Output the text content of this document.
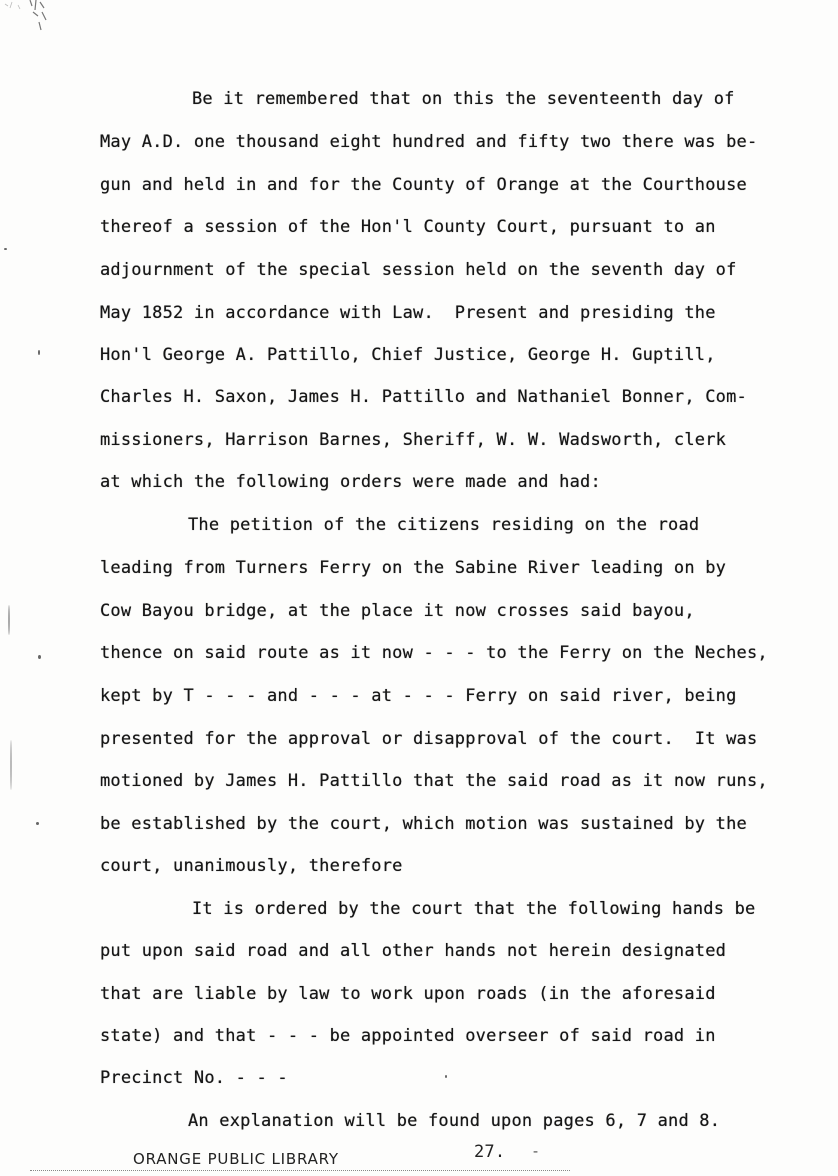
Be it remembered that on this the seventeenth day of
May A.D. one thousand eight hundred and fifty two there was be-
gun and held in and for the County of Orange at the Courthouse
thereof a session of the Hon'l County Court, pursuant to an
adjournment of the special session held on the seventh day of
May 1852 in accordance with Law.  Present and presiding the
Hon'l George A. Pattillo, Chief Justice, George H. Guptill,
Charles H. Saxon, James H. Pattillo and Nathaniel Bonner, Com-
missioners, Harrison Barnes, Sheriff, W. W. Wadsworth, clerk
at which the following orders were made and had:
The petition of the citizens residing on the road
leading from Turners Ferry on the Sabine River leading on by
Cow Bayou bridge, at the place it now crosses said bayou,
thence on said route as it now - - - to the Ferry on the Neches,
kept by T - - - and - - - at - - - Ferry on said river, being
presented for the approval or disapproval of the court.  It was
motioned by James H. Pattillo that the said road as it now runs,
be established by the court, which motion was sustained by the
court, unanimously, therefore
It is ordered by the court that the following hands be
put upon said road and all other hands not herein designated
that are liable by law to work upon roads (in the aforesaid
state) and that - - - be appointed overseer of said road in
Precinct No. - - -
An explanation will be found upon pages 6, 7 and 8.
ORANGE PUBLIC LIBRARY	27. -
